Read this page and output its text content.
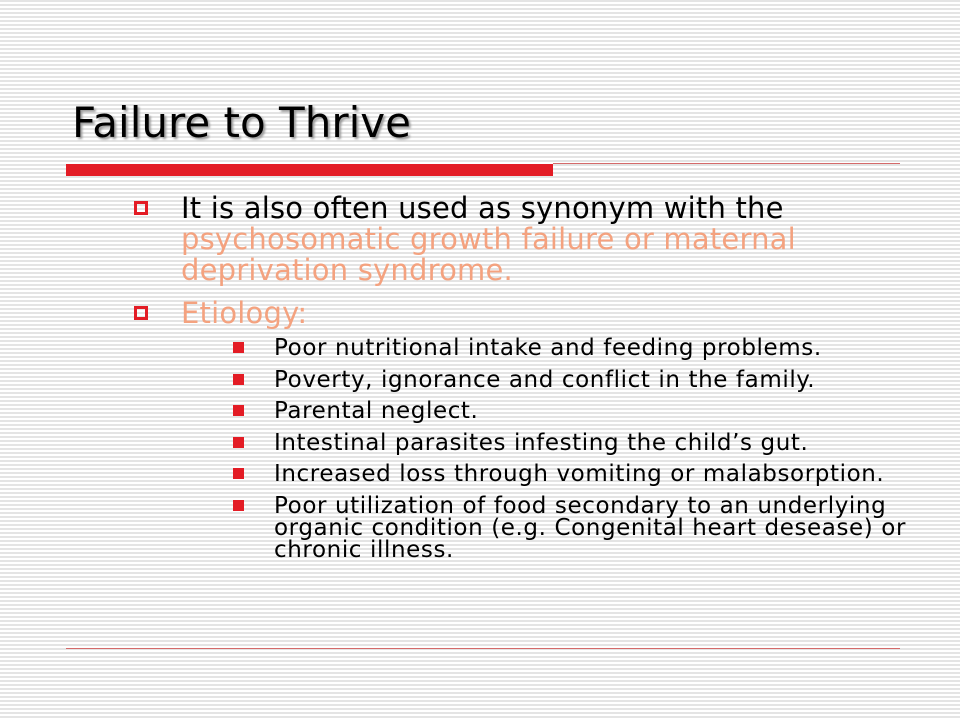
Failure to Thrive
It is also often used as synonym with the psychosomatic growth failure or maternal deprivation syndrome.
Etiology:
Poor nutritional intake and feeding problems.
Poverty, ignorance and conflict in the family.
Parental neglect.
Intestinal parasites infesting the child’s gut.
Increased loss through vomiting or malabsorption.
Poor utilization of food secondary to an underlying organic condition (e.g. Congenital heart desease) or chronic illness.
